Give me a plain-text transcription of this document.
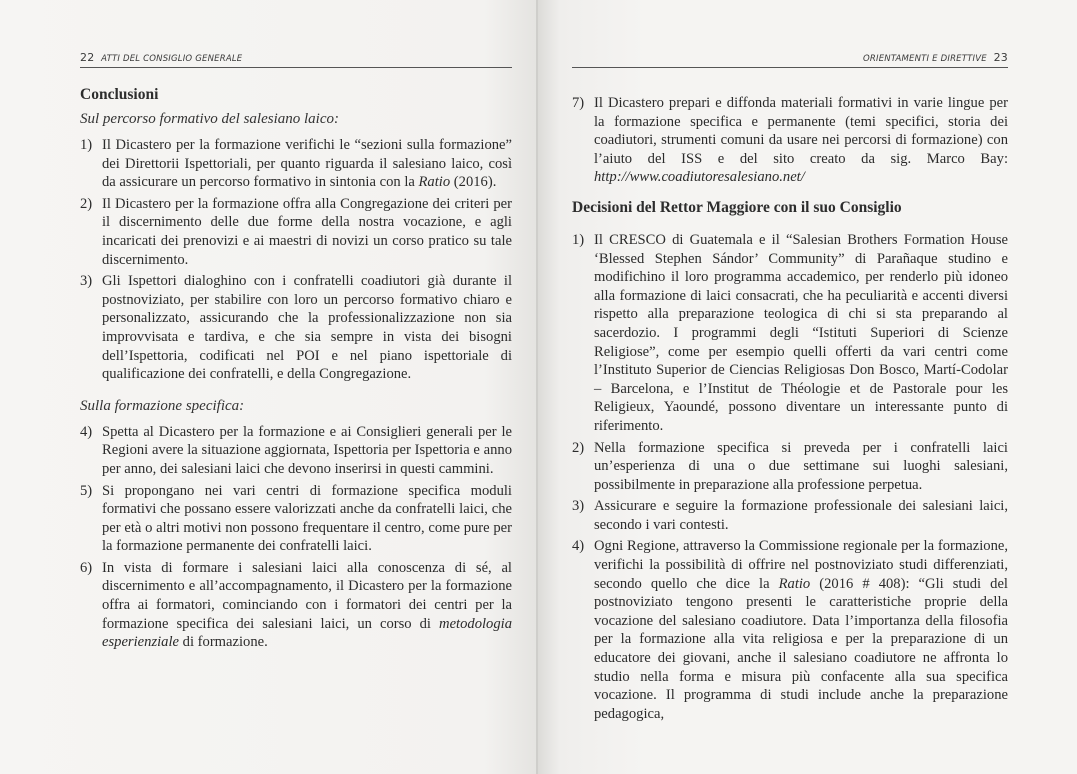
22 ATTI DEL CONSIGLIO GENERALE
Conclusioni
Sul percorso formativo del salesiano laico:
1) Il Dicastero per la formazione verifichi le “sezioni sulla formazione” dei Direttorii Ispettoriali, per quanto riguarda il salesiano laico, così da assicurare un percorso formativo in sintonia con la Ratio (2016).
2) Il Dicastero per la formazione offra alla Congregazione dei criteri per il discernimento delle due forme della nostra vocazione, e agli incaricati dei prenovizi e ai maestri di novizi un corso pratico su tale discernimento.
3) Gli Ispettori dialoghino con i confratelli coadiutori già durante il postnoviziato, per stabilire con loro un percorso formativo chiaro e personalizzato, assicurando che la professionalizzazione non sia improvvisata e tardiva, e che sia sempre in vista dei bisogni dell’Ispettoria, codificati nel POI e nel piano ispettoriale di qualificazione dei confratelli, e della Congregazione.
Sulla formazione specifica:
4) Spetta al Dicastero per la formazione e ai Consiglieri generali per le Regioni avere la situazione aggiornata, Ispettoria per Ispettoria e anno per anno, dei salesiani laici che devono inserirsi in questi cammini.
5) Si propongano nei vari centri di formazione specifica moduli formativi che possano essere valorizzati anche da confratelli laici, che per età o altri motivi non possono frequentare il centro, come pure per la formazione permanente dei confratelli laici.
6) In vista di formare i salesiani laici alla conoscenza di sé, al discernimento e all’accompagnamento, il Dicastero per la formazione offra ai formatori, cominciando con i formatori dei centri per la formazione specifica dei salesiani laici, un corso di metodologia esperienziale di formazione.
ORIENTAMENTI E DIRETTIVE 23
7) Il Dicastero prepari e diffonda materiali formativi in varie lingue per la formazione specifica e permanente (temi specifici, storia dei coadiutori, strumenti comuni da usare nei percorsi di formazione) con l’aiuto del ISS e del sito creato da sig. Marco Bay: http://www.coadiutoresalesiano.net/
Decisioni del Rettor Maggiore con il suo Consiglio
1) Il CRESCO di Guatemala e il “Salesian Brothers Formation House ‘Blessed Stephen Sándor’ Community” di Parañaque studino e modifichino il loro programma accademico, per renderlo più idoneo alla formazione di laici consacrati, che ha peculiarità e accenti diversi rispetto alla preparazione teologica di chi si sta preparando al sacerdozio. I programmi degli “Istituti Superiori di Scienze Religiose”, come per esempio quelli offerti da vari centri come l’Instituto Superior de Ciencias Religiosas Don Bosco, Martí-Codolar – Barcelona, e l’Institut de Théologie et de Pastorale pour les Religieux, Yaoundé, possono diventare un interessante punto di riferimento.
2) Nella formazione specifica si preveda per i confratelli laici un’esperienza di una o due settimane sui luoghi salesiani, possibilmente in preparazione alla professione perpetua.
3) Assicurare e seguire la formazione professionale dei salesiani laici, secondo i vari contesti.
4) Ogni Regione, attraverso la Commissione regionale per la formazione, verifichi la possibilità di offrire nel postnoviziato studi differenziati, secondo quello che dice la Ratio (2016 # 408): “Gli studi del postnoviziato tengono presenti le caratteristiche proprie della vocazione del salesiano coadiutore. Data l’importanza della filosofia per la formazione alla vita religiosa e per la preparazione di un educatore dei giovani, anche il salesiano coadiutore ne affronta lo studio nella forma e misura più confacente alla sua specifica vocazione. Il programma di studi include anche la preparazione pedagogica,
